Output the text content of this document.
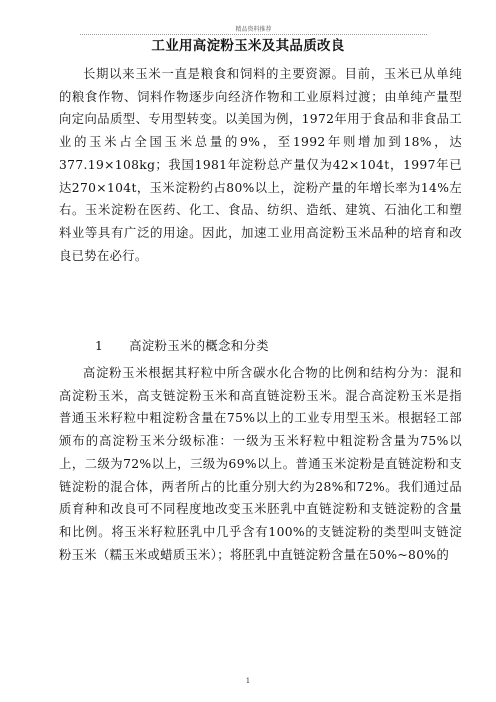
精品资料推荐
工业用高淀粉玉米及其品质改良

长期以来玉米一直是粮食和饲料的主要资源。目前，玉米已从单纯的粮食作物、饲料作物逐步向经济作物和工业原料过渡；由单纯产量型向定向品质型、专用型转变。以美国为例，1972年用于食品和非食品工业的玉米占全国玉米总量的9%，至1992年则增加到18%，达377.19×108kg；我国1981年淀粉总产量仅为42×104t，1997年已达270×104t，玉米淀粉约占80%以上，淀粉产量的年增长率为14%左右。玉米淀粉在医药、化工、食品、纺织、造纸、建筑、石油化工和塑料业等具有广泛的用途。因此，加速工业用高淀粉玉米品种的培育和改良已势在必行。

1 高淀粉玉米的概念和分类

高淀粉玉米根据其籽粒中所含碳水化合物的比例和结构分为：混和高淀粉玉米，高支链淀粉玉米和高直链淀粉玉米。混合高淀粉玉米是指普通玉米籽粒中粗淀粉含量在75%以上的工业专用型玉米。根据轻工部颁布的高淀粉玉米分级标准：一级为玉米籽粒中粗淀粉含量为75%以上，二级为72%以上，三级为69%以上。普通玉米淀粉是直链淀粉和支链淀粉的混合体，两者所占的比重分别大约为28%和72%。我们通过品质育种和改良可不同程度地改变玉米胚乳中直链淀粉和支链淀粉的含量和比例。将玉米籽粒胚乳中几乎含有100%的支链淀粉的类型叫支链淀粉玉米（糯玉米或蜡质玉米）；将胚乳中直链淀粉含量在50%~80%的

1
